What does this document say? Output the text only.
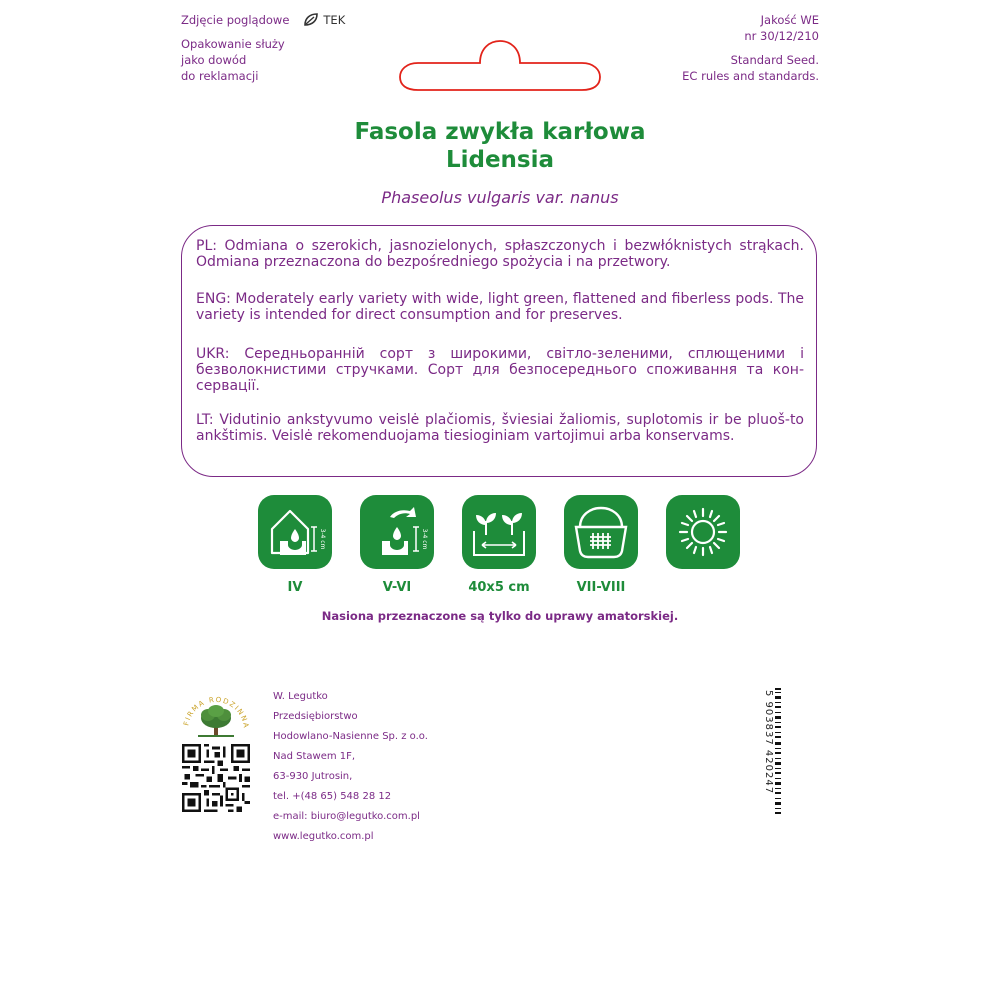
Zdjęcie poglądowe	TEK
Opakowanie służy
jako dowód
do reklamacji
Jakość WE
nr 30/12/210
Standard Seed.
EC rules and standards.
Fasola zwykła karłowa
Lidensia
Phaseolus vulgaris var. nanus
PL: Odmiana o szerokich, jasnozielonych, spłaszczonych i bezwłóknistych strąkach. Odmiana przeznaczona do bezpośredniego spożycia i na przetwory.
ENG: Moderately early variety with wide, light green, flattened and fiberless pods. The variety is intended for direct consumption and for preserves.
UKR: Середньоранній сорт з широкими, світло-зеленими, сплющеними і безволокнистими стручками. Сорт для безпосереднього споживання та кон-сервації.
LT: Vidutinio ankstyvumo veislė plačiomis, šviesiai žaliomis, suplotomis ir be pluoš-to ankštimis. Veislė rekomenduojama tiesioginiam vartojimui arba konservams.
3-4 cm
IV
3-4 cm
V-VI	40x5 cm	VII-VIII
Nasiona przeznaczone są tylko do uprawy amatorskiej.
FIRMA RODZINNA
W. Legutko
Przedsiębiorstwo
Hodowlano-Nasienne Sp. z o.o.
Nad Stawem 1F,
63-930 Jutrosin,
tel. +(48 65) 548 28 12
e-mail: biuro@legutko.com.pl
www.legutko.com.pl
5 903837 420247
